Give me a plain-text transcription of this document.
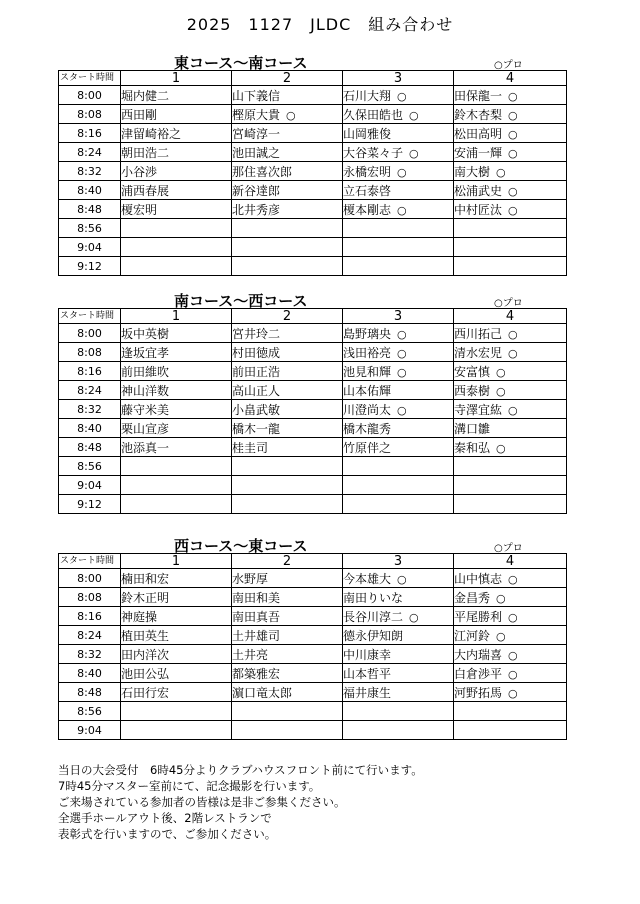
2025　1127　JLDC　組み合わせ
東コース〜南コース	○プロ
スタート時間	1	2	3	4
8:00	堀内健二	山下義信	石川大翔 ○	田保龍一 ○
8:08	西田剛	樫原大貴 ○	久保田皓也 ○	鈴木杏梨 ○
8:16	津留崎裕之	宮崎淳一	山岡雅俊	松田高明 ○
8:24	朝田浩二	池田誠之	大谷菜々子 ○	安浦一輝 ○
8:32	小谷渉	那住喜次郎	永橋宏明 ○	南大樹 ○
8:40	浦西春展	新谷達郎	立石泰啓	松浦武史 ○
8:48	榎宏明	北井秀彦	榎本剛志 ○	中村匠汰 ○
8:56				
9:04				
9:12				
南コース〜西コース	○プロ
スタート時間	1	2	3	4
8:00	坂中英樹	宮井玲二	島野璃央 ○	西川拓己 ○
8:08	逢坂宜孝	村田徳成	浅田裕亮 ○	清水宏児 ○
8:16	前田維吹	前田正浩	池見和輝 ○	安富慎 ○
8:24	神山洋数	高山正人	山本佑輝	西泰樹 ○
8:32	藤守米美	小畠武敏	川澄尚太 ○	寺澤宜紘 ○
8:40	栗山宣彦	橋木一龍	橋木龍秀	溝口雛
8:48	池添真一	桂圭司	竹原伴之	秦和弘 ○
8:56				
9:04				
9:12				
西コース〜東コース	○プロ
スタート時間	1	2	3	4
8:00	楠田和宏	水野厚	今本雄大 ○	山中慎志 ○
8:08	鈴木正明	南田和美	南田りいな	金昌秀 ○
8:16	神庭操	南田真吾	長谷川淳二 ○	平尾勝利 ○
8:24	植田英生	土井雄司	德永伊知朗	江河鈴 ○
8:32	田内洋次	土井亮	中川康幸	大内瑞喜 ○
8:40	池田公弘	都築雅宏	山本哲平	白倉渉平 ○
8:48	石田行宏	濵口竜太郎	福井康生	河野拓馬 ○
8:56				
9:04				
当日の大会受付　6時45分よりクラブハウスフロント前にて行います。
7時45分マスター室前にて、記念撮影を行います。
ご来場されている参加者の皆様は是非ご参集ください。
全選手ホールアウト後、2階レストランで
表彰式を行いますので、ご参加ください。
